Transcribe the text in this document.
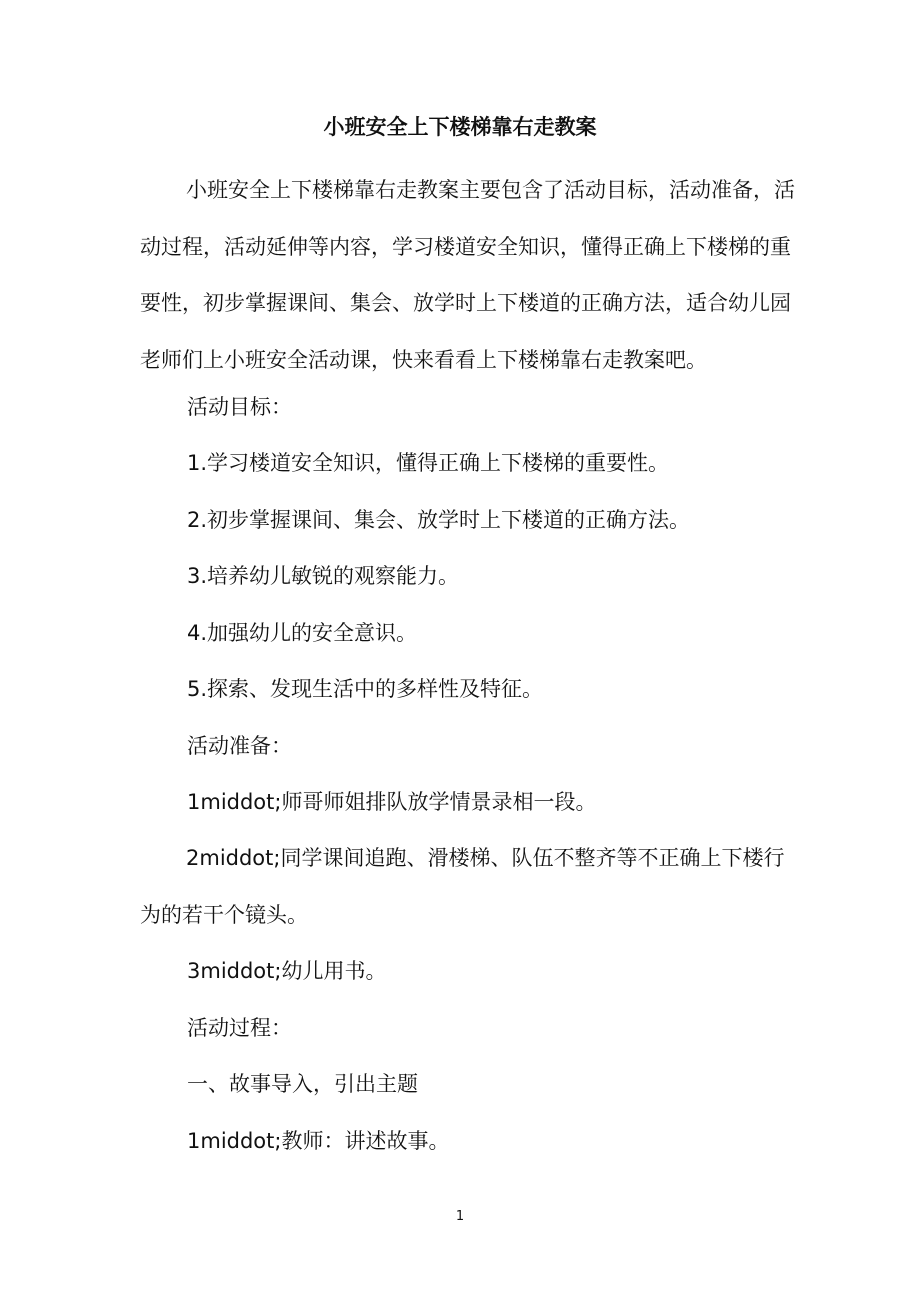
小班安全上下楼梯靠右走教案

小班安全上下楼梯靠右走教案主要包含了活动目标，活动准备，活动过程，活动延伸等内容，学习楼道安全知识，懂得正确上下楼梯的重要性，初步掌握课间、集会、放学时上下楼道的正确方法，适合幼儿园老师们上小班安全活动课，快来看看上下楼梯靠右走教案吧。

活动目标：

1.学习楼道安全知识，懂得正确上下楼梯的重要性。

2.初步掌握课间、集会、放学时上下楼道的正确方法。

3.培养幼儿敏锐的观察能力。

4.加强幼儿的安全意识。

5.探索、发现生活中的多样性及特征。

活动准备：

1middot;师哥师姐排队放学情景录相一段。

2middot;同学课间追跑、滑楼梯、队伍不整齐等不正确上下楼行为的若干个镜头。

3middot;幼儿用书。

活动过程：

一、故事导入，引出主题

1middot;教师：讲述故事。

1
